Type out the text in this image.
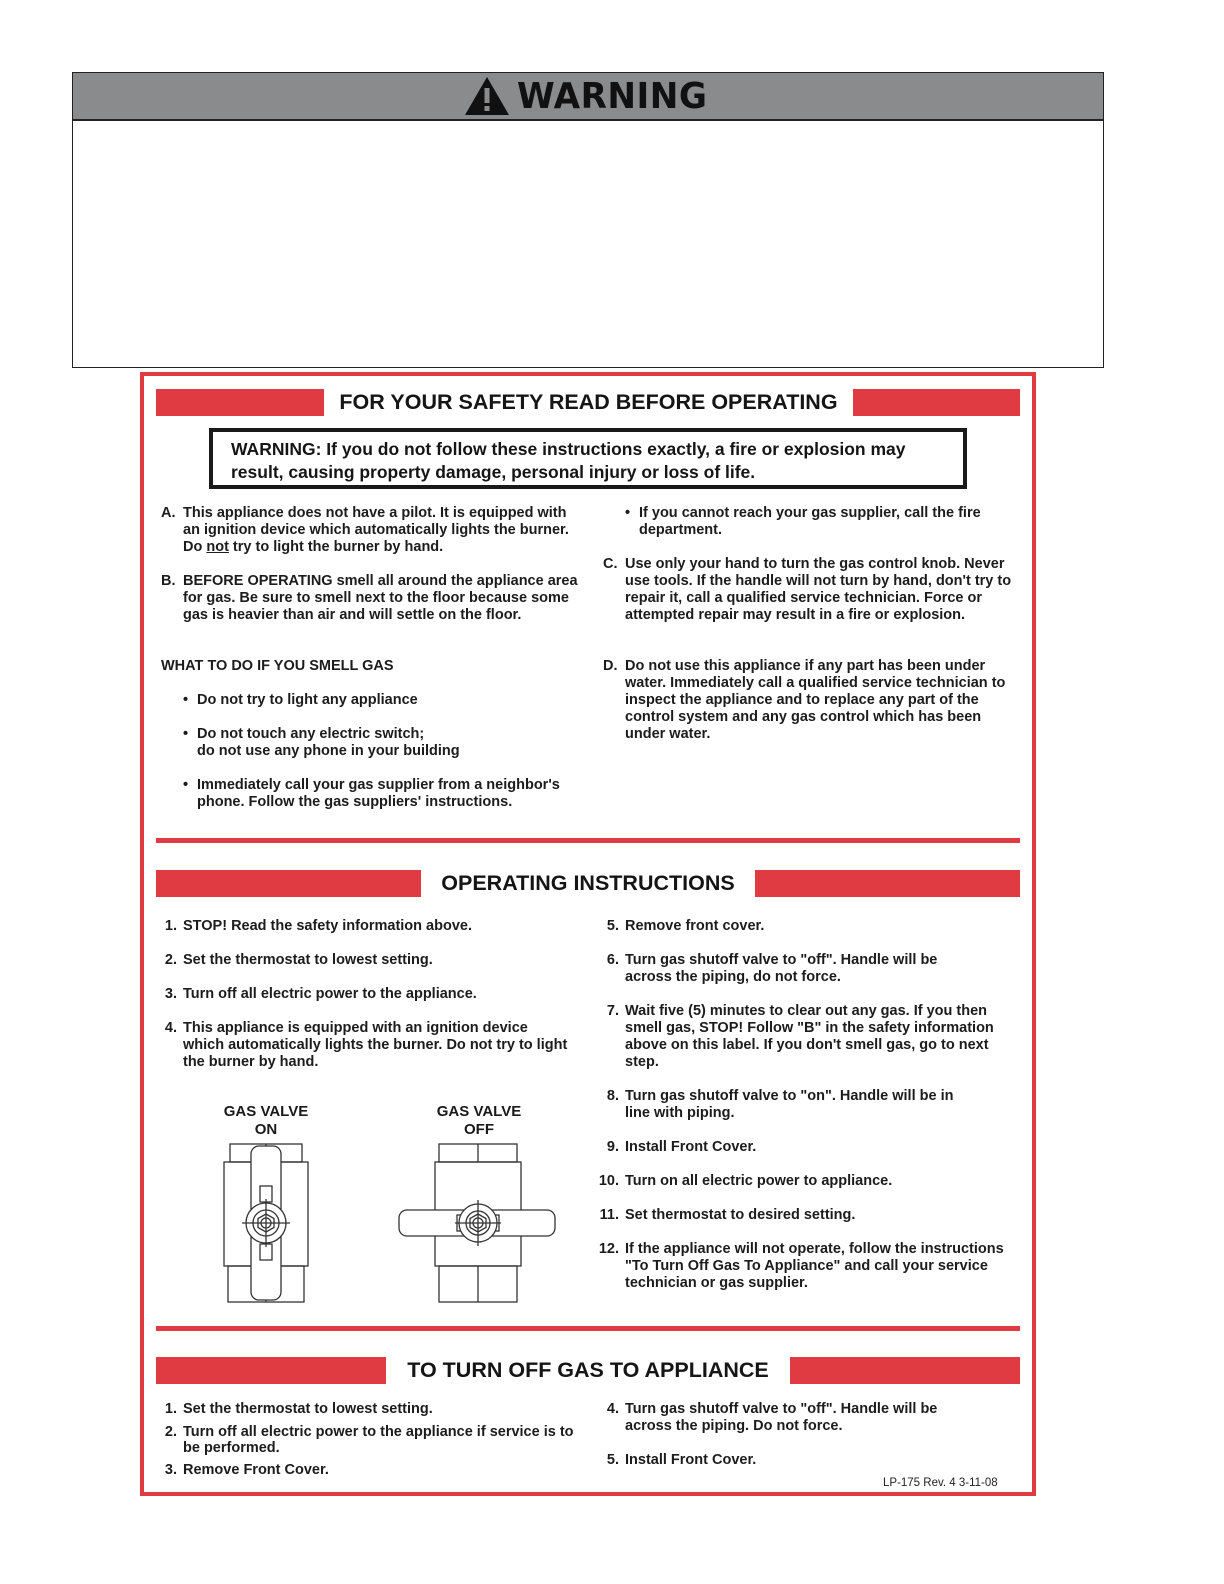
WARNING
FOR YOUR SAFETY READ BEFORE OPERATING
WARNING: If you do not follow these instructions exactly, a fire or explosion may result, causing property damage, personal injury or loss of life.
A. This appliance does not have a pilot. It is equipped with an ignition device which automatically lights the burner. Do not try to light the burner by hand.
B. BEFORE OPERATING smell all around the appliance area for gas. Be sure to smell next to the floor because some gas is heavier than air and will settle on the floor.
WHAT TO DO IF YOU SMELL GAS
• Do not try to light any appliance
• Do not touch any electric switch;
do not use any phone in your building
• Immediately call your gas supplier from a neighbor's phone. Follow the gas suppliers' instructions.
• If you cannot reach your gas supplier, call the fire department.
C. Use only your hand to turn the gas control knob. Never use tools. If the handle will not turn by hand, don't try to repair it, call a qualified service technician. Force or attempted repair may result in a fire or explosion.
D. Do not use this appliance if any part has been under water. Immediately call a qualified service technician to inspect the appliance and to replace any part of the control system and any gas control which has been under water.
OPERATING INSTRUCTIONS
1. STOP! Read the safety information above.
2. Set the thermostat to lowest setting.
3. Turn off all electric power to the appliance.
4. This appliance is equipped with an ignition device which automatically lights the burner. Do not try to light the burner by hand.
GAS VALVE
ON
GAS VALVE
OFF
5. Remove front cover.
6. Turn gas shutoff valve to "off". Handle will be across the piping, do not force.
7. Wait five (5) minutes to clear out any gas. If you then smell gas, STOP! Follow "B" in the safety information above on this label. If you don't smell gas, go to next step.
8. Turn gas shutoff valve to "on". Handle will be in line with piping.
9. Install Front Cover.
10. Turn on all electric power to appliance.
11. Set thermostat to desired setting.
12. If the appliance will not operate, follow the instructions "To Turn Off Gas To Appliance" and call your service technician or gas supplier.
TO TURN OFF GAS TO APPLIANCE
1. Set the thermostat to lowest setting.
2. Turn off all electric power to the appliance if service is to be performed.
3. Remove Front Cover.
4. Turn gas shutoff valve to "off". Handle will be across the piping. Do not force.
5. Install Front Cover.
LP-175 Rev. 4 3-11-08
